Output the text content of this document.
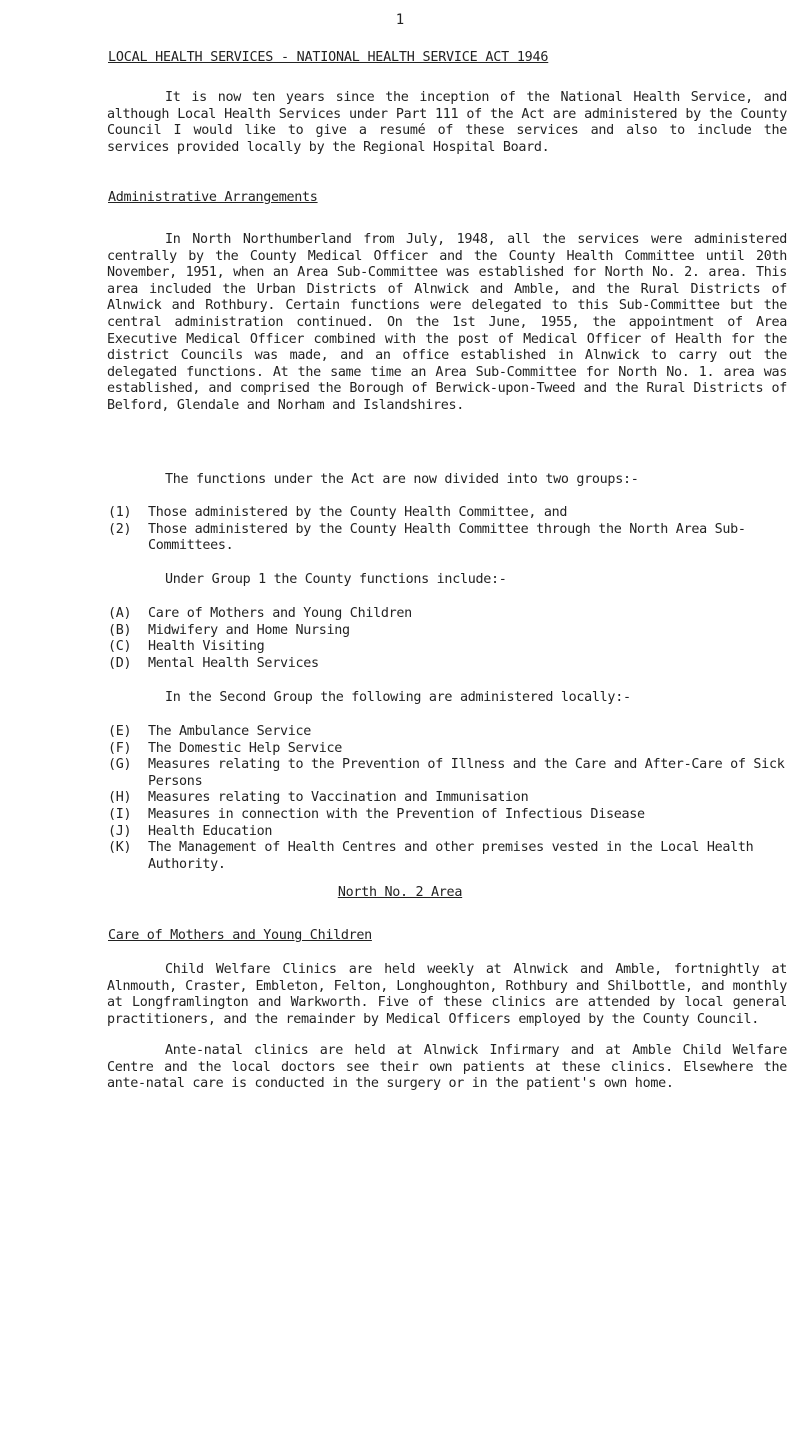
1
LOCAL HEALTH SERVICES - NATIONAL HEALTH SERVICE ACT 1946

It is now ten years since the inception of the National Health Service, and although Local Health Services under Part 111 of the Act are administered by the County Council I would like to give a resumé of these services and also to include the services provided locally by the Regional Hospital Board.

Administrative Arrangements

In North Northumberland from July, 1948, all the services were administered centrally by the County Medical Officer and the County Health Committee until 20th November, 1951, when an Area Sub-Committee was established for North No. 2. area. This area included the Urban Districts of Alnwick and Amble, and the Rural Districts of Alnwick and Rothbury. Certain functions were delegated to this Sub-Committee but the central administration continued. On the 1st June, 1955, the appointment of Area Executive Medical Officer combined with the post of Medical Officer of Health for the district Councils was made, and an office established in Alnwick to carry out the delegated functions. At the same time an Area Sub-Committee for North No. 1. area was established, and comprised the Borough of Berwick-upon-Tweed and the Rural Districts of Belford, Glendale and Norham and Islandshires.

The functions under the Act are now divided into two groups:-

(1)	Those administered by the County Health Committee, and
(2)	Those administered by the County Health Committee through the North Area Sub-Committees.

Under Group 1 the County functions include:-

(A)	Care of Mothers and Young Children
(B)	Midwifery and Home Nursing
(C)	Health Visiting
(D)	Mental Health Services

In the Second Group the following are administered locally:-

(E)	The Ambulance Service
(F)	The Domestic Help Service
(G)	Measures relating to the Prevention of Illness and the Care and After-Care of Sick Persons
(H)	Measures relating to Vaccination and Immunisation
(I)	Measures in connection with the Prevention of Infectious Disease
(J)	Health Education
(K)	The Management of Health Centres and other premises vested in the Local Health Authority.
North No. 2 Area
Care of Mothers and Young Children

Child Welfare Clinics are held weekly at Alnwick and Amble, fortnightly at Alnmouth, Craster, Embleton, Felton, Longhoughton, Rothbury and Shilbottle, and monthly at Longframlington and Warkworth. Five of these clinics are attended by local general practitioners, and the remainder by Medical Officers employed by the County Council.

Ante-natal clinics are held at Alnwick Infirmary and at Amble Child Welfare Centre and the local doctors see their own patients at these clinics. Elsewhere the ante-natal care is conducted in the surgery or in the patient's own home.
